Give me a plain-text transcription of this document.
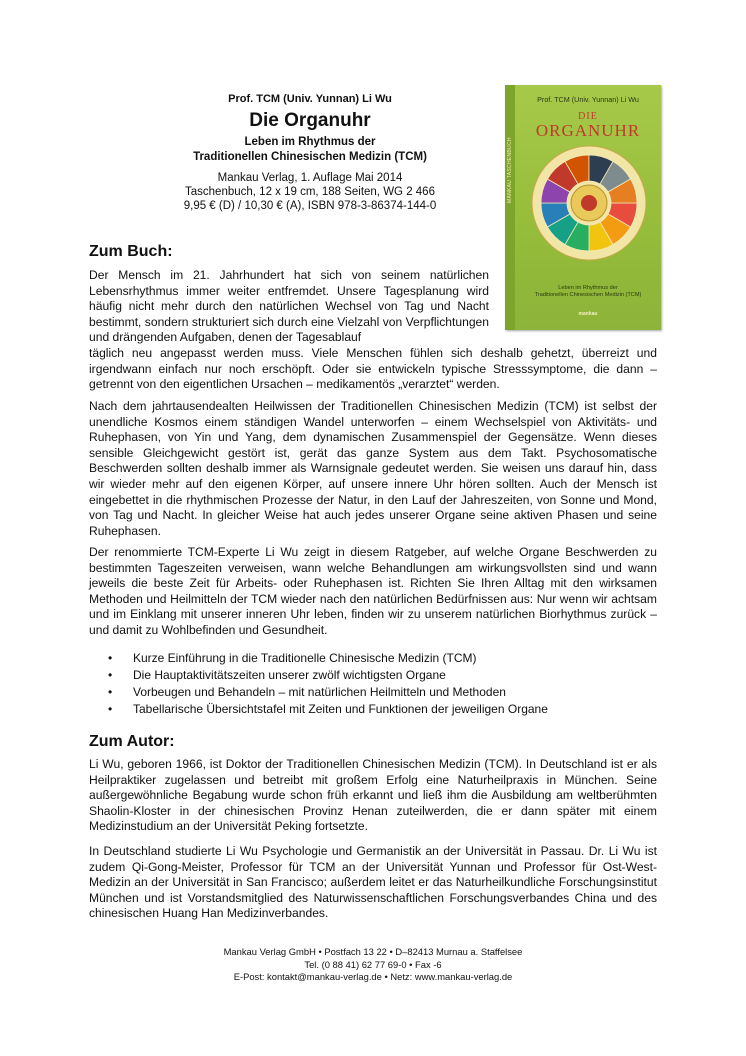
Prof. TCM (Univ. Yunnan) Li Wu
Die Organuhr
Leben im Rhythmus der
Traditionellen Chinesischen Medizin (TCM)
Mankau Verlag, 1. Auflage Mai 2014
Taschenbuch, 12 x 19 cm, 188 Seiten, WG 2 466
9,95 € (D) / 10,30 € (A), ISBN 978-3-86374-144-0
MANKAU TASCHENBUCH
Prof. TCM (Univ. Yunnan) Li Wu
DIE
ORGANUHR
Leben im Rhythmus der
Traditionellen Chinesischen Medizin (TCM)
mankau
Zum Buch:

Der Mensch im 21. Jahrhundert hat sich von seinem natürlichen Lebensrhythmus immer weiter entfremdet. Unsere Tagesplanung wird häufig nicht mehr durch den natürlichen Wechsel von Tag und Nacht bestimmt, sondern strukturiert sich durch eine Vielzahl von Verpflichtungen und drängenden Aufgaben, denen der Tagesablauf

täglich neu angepasst werden muss. Viele Menschen fühlen sich deshalb gehetzt, überreizt und irgendwann einfach nur noch erschöpft. Oder sie entwickeln typische Stresssymptome, die dann – getrennt von den eigentlichen Ursachen – medikamentös „verarztet“ werden.

Nach dem jahrtausendealten Heilwissen der Traditionellen Chinesischen Medizin (TCM) ist selbst der unendliche Kosmos einem ständigen Wandel unterworfen – einem Wechselspiel von Aktivitäts- und Ruhephasen, von Yin und Yang, dem dynamischen Zusammenspiel der Gegensätze. Wenn dieses sensible Gleichgewicht gestört ist, gerät das ganze System aus dem Takt. Psychosomatische Beschwerden sollten deshalb immer als Warnsignale gedeutet werden. Sie weisen uns darauf hin, dass wir wieder mehr auf den eigenen Körper, auf unsere innere Uhr hören sollten. Auch der Mensch ist eingebettet in die rhythmischen Prozesse der Natur, in den Lauf der Jahreszeiten, von Sonne und Mond, von Tag und Nacht. In gleicher Weise hat auch jedes unserer Organe seine aktiven Phasen und seine Ruhephasen.

Der renommierte TCM-Experte Li Wu zeigt in diesem Ratgeber, auf welche Organe Beschwerden zu bestimmten Tageszeiten verweisen, wann welche Behandlungen am wirkungsvollsten sind und wann jeweils die beste Zeit für Arbeits- oder Ruhephasen ist. Richten Sie Ihren Alltag mit den wirksamen Methoden und Heilmitteln der TCM wieder nach den natürlichen Bedürfnissen aus: Nur wenn wir achtsam und im Einklang mit unserer inneren Uhr leben, finden wir zu unserem natürlichen Biorhythmus zurück – und damit zu Wohlbefinden und Gesundheit.

• Kurze Einführung in die Traditionelle Chinesische Medizin (TCM)
• Die Hauptaktivitätszeiten unserer zwölf wichtigsten Organe
• Vorbeugen und Behandeln – mit natürlichen Heilmitteln und Methoden
• Tabellarische Übersichtstafel mit Zeiten und Funktionen der jeweiligen Organe
Zum Autor:

Li Wu, geboren 1966, ist Doktor der Traditionellen Chinesischen Medizin (TCM). In Deutschland ist er als Heilpraktiker zugelassen und betreibt mit großem Erfolg eine Naturheilpraxis in München. Seine außergewöhnliche Begabung wurde schon früh erkannt und ließ ihm die Ausbildung am weltberühmten Shaolin-Kloster in der chinesischen Provinz Henan zuteilwerden, die er dann später mit einem Medizinstudium an der Universität Peking fortsetzte.

In Deutschland studierte Li Wu Psychologie und Germanistik an der Universität in Passau. Dr. Li Wu ist zudem Qi-Gong-Meister, Professor für TCM an der Universität Yunnan und Professor für Ost-West-Medizin an der Universität in San Francisco; außerdem leitet er das Naturheilkundliche Forschungsinstitut München und ist Vorstandsmitglied des Naturwissenschaftlichen Forschungsverbandes China und des chinesischen Huang Han Medizinverbandes.

Mankau Verlag GmbH • Postfach 13 22 • D–82413 Murnau a. Staffelsee
Tel. (0 88 41) 62 77 69-0 • Fax -6
E-Post: kontakt@mankau-verlag.de • Netz: www.mankau-verlag.de
